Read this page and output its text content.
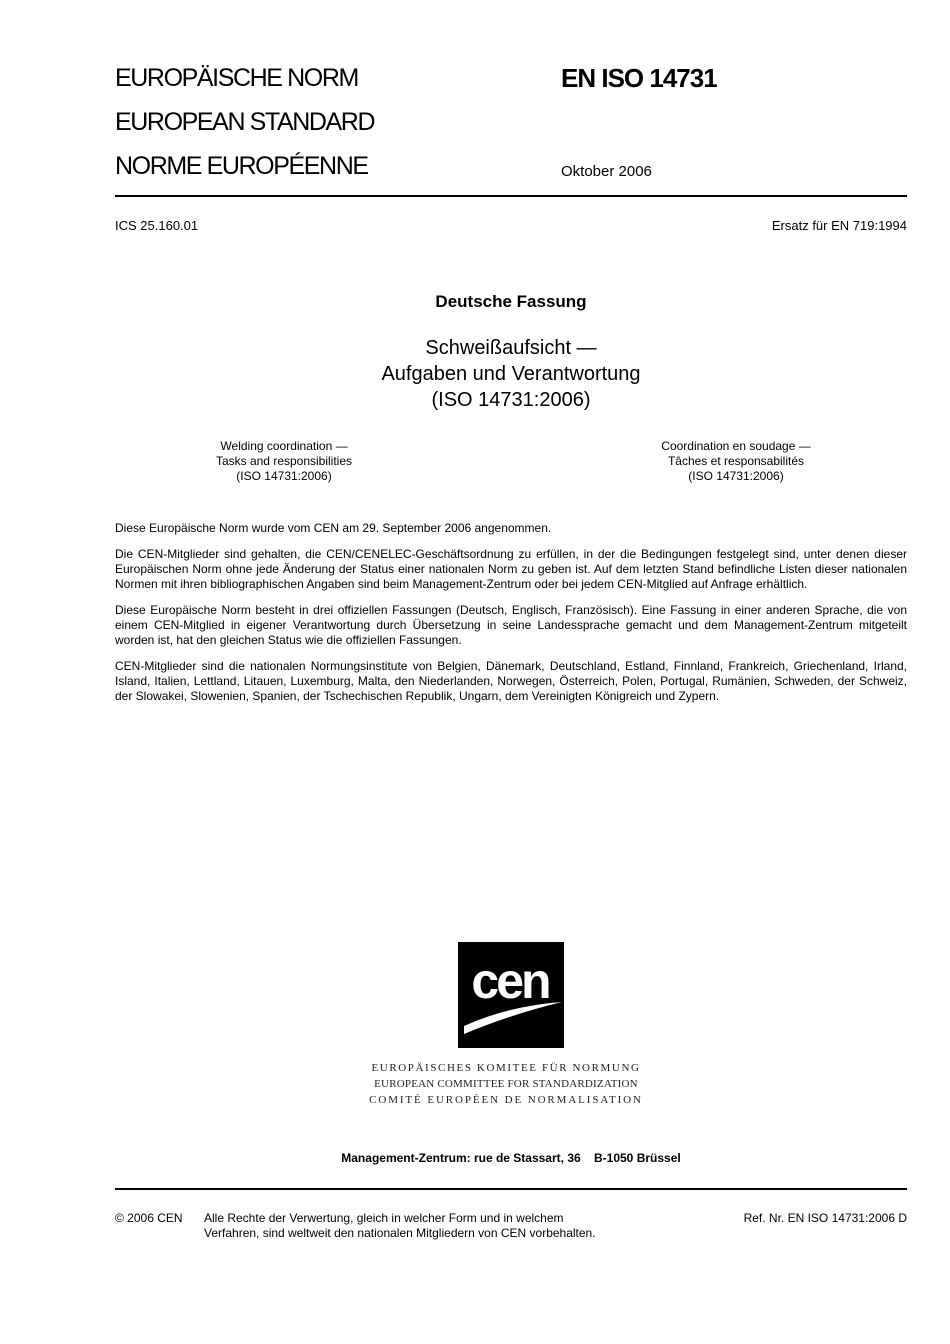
EUROPÄISCHE NORM
EUROPEAN STANDARD
NORME EUROPÉENNE
EN ISO 14731
Oktober 2006
ICS 25.160.01	Ersatz für EN 719:1994
Deutsche Fassung
Schweißaufsicht —
Aufgaben und Verantwortung
(ISO 14731:2006)
Welding coordination —
Tasks and responsibilities
(ISO 14731:2006)
Coordination en soudage —
Tâches et responsabilités
(ISO 14731:2006)

Diese Europäische Norm wurde vom CEN am 29. September 2006 angenommen.

Die CEN-Mitglieder sind gehalten, die CEN/CENELEC-Geschäftsordnung zu erfüllen, in der die Bedingungen festgelegt sind, unter denen dieser Europäischen Norm ohne jede Änderung der Status einer nationalen Norm zu geben ist. Auf dem letzten Stand befindliche Listen dieser nationalen Normen mit ihren bibliographischen Angaben sind beim Management-Zentrum oder bei jedem CEN-Mitglied auf Anfrage erhältlich.

Diese Europäische Norm besteht in drei offiziellen Fassungen (Deutsch, Englisch, Französisch). Eine Fassung in einer anderen Sprache, die von einem CEN-Mitglied in eigener Verantwortung durch Übersetzung in seine Landessprache gemacht und dem Management-Zentrum mitgeteilt worden ist, hat den gleichen Status wie die offiziellen Fassungen.

CEN-Mitglieder sind die nationalen Normungsinstitute von Belgien, Dänemark, Deutschland, Estland, Finnland, Frankreich, Griechenland, Irland, Island, Italien, Lettland, Litauen, Luxemburg, Malta, den Niederlanden, Norwegen, Österreich, Polen, Portugal, Rumänien, Schweden, der Schweiz, der Slowakei, Slowenien, Spanien, der Tschechischen Republik, Ungarn, dem Vereinigten Königreich und Zypern.

cen
EUROPÄISCHES KOMITEE FÜR NORMUNG
EUROPEAN COMMITTEE FOR STANDARDIZATION
COMITÉ EUROPÉEN DE NORMALISATION
Management-Zentrum: rue de Stassart, 36    B-1050 Brüssel
© 2006 CEN Alle Rechte der Verwertung, gleich in welcher Form und in welchem
Verfahren, sind weltweit den nationalen Mitgliedern von CEN vorbehalten.
Ref. Nr. EN ISO 14731:2006 D
